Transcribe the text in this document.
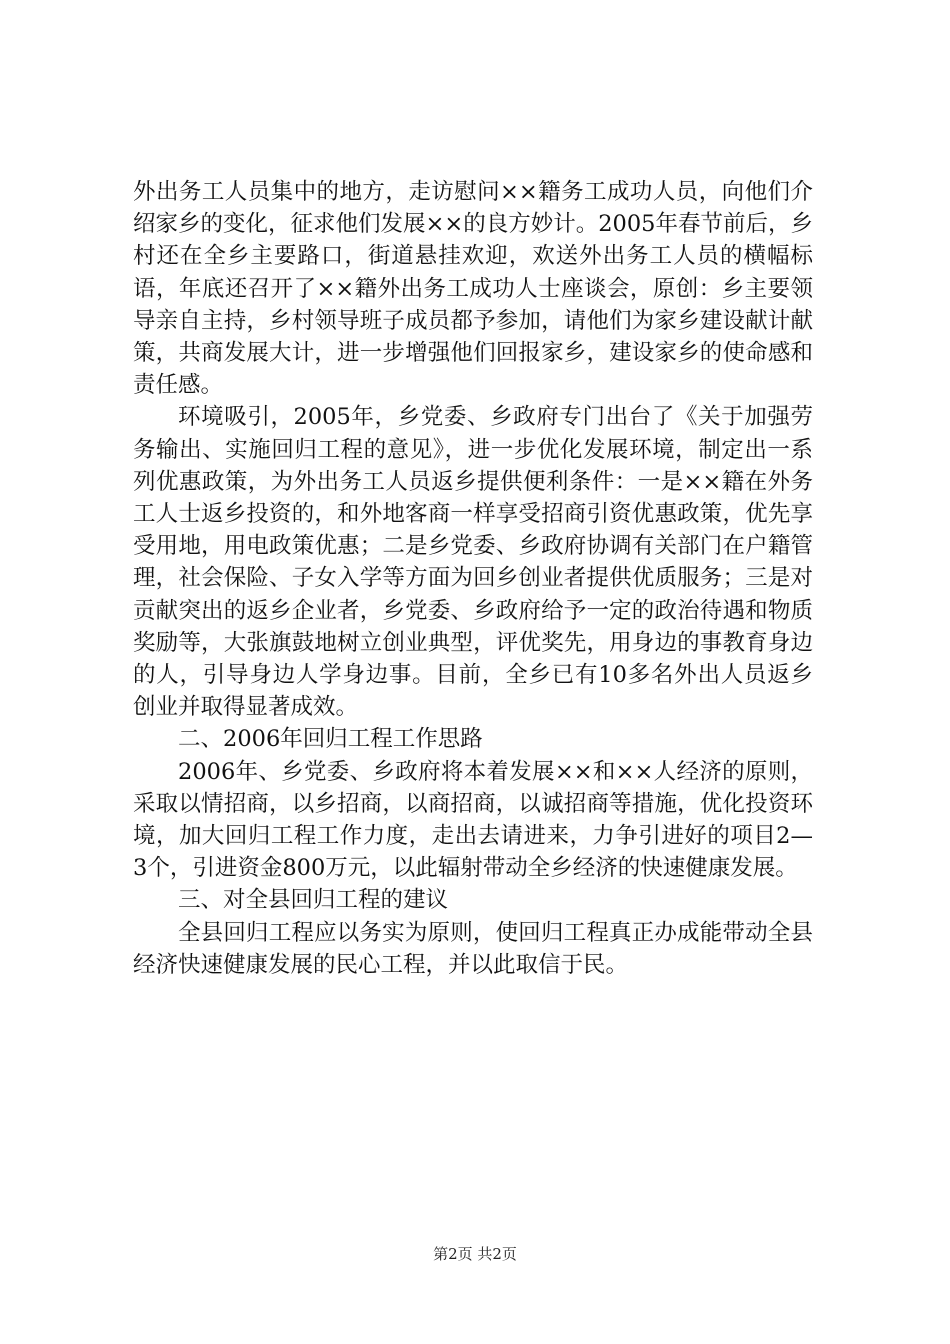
外出务工人员集中的地方，走访慰问××籍务工成功人员，向他们介绍家乡的变化，征求他们发展××的良方妙计。2005年春节前后，乡村还在全乡主要路口，街道悬挂欢迎，欢送外出务工人员的横幅标语，年底还召开了××籍外出务工成功人士座谈会，原创：乡主要领导亲自主持，乡村领导班子成员都予参加，请他们为家乡建设献计献策，共商发展大计，进一步增强他们回报家乡，建设家乡的使命感和责任感。

环境吸引，2005年，乡党委、乡政府专门出台了《关于加强劳务输出、实施回归工程的意见》，进一步优化发展环境，制定出一系列优惠政策，为外出务工人员返乡提供便利条件：一是××籍在外务工人士返乡投资的，和外地客商一样享受招商引资优惠政策，优先享受用地，用电政策优惠；二是乡党委、乡政府协调有关部门在户籍管理，社会保险、子女入学等方面为回乡创业者提供优质服务；三是对贡献突出的返乡企业者，乡党委、乡政府给予一定的政治待遇和物质奖励等，大张旗鼓地树立创业典型，评优奖先，用身边的事教育身边的人，引导身边人学身边事。目前，全乡已有10多名外出人员返乡创业并取得显著成效。

二、2006年回归工程工作思路

2006年、乡党委、乡政府将本着发展××和××人经济的原则，采取以情招商，以乡招商，以商招商，以诚招商等措施，优化投资环境，加大回归工程工作力度，走出去请进来，力争引进好的项目2—3个，引进资金800万元，以此辐射带动全乡经济的快速健康发展。

三、对全县回归工程的建议

全县回归工程应以务实为原则，使回归工程真正办成能带动全县经济快速健康发展的民心工程，并以此取信于民。

第2页 共2页
